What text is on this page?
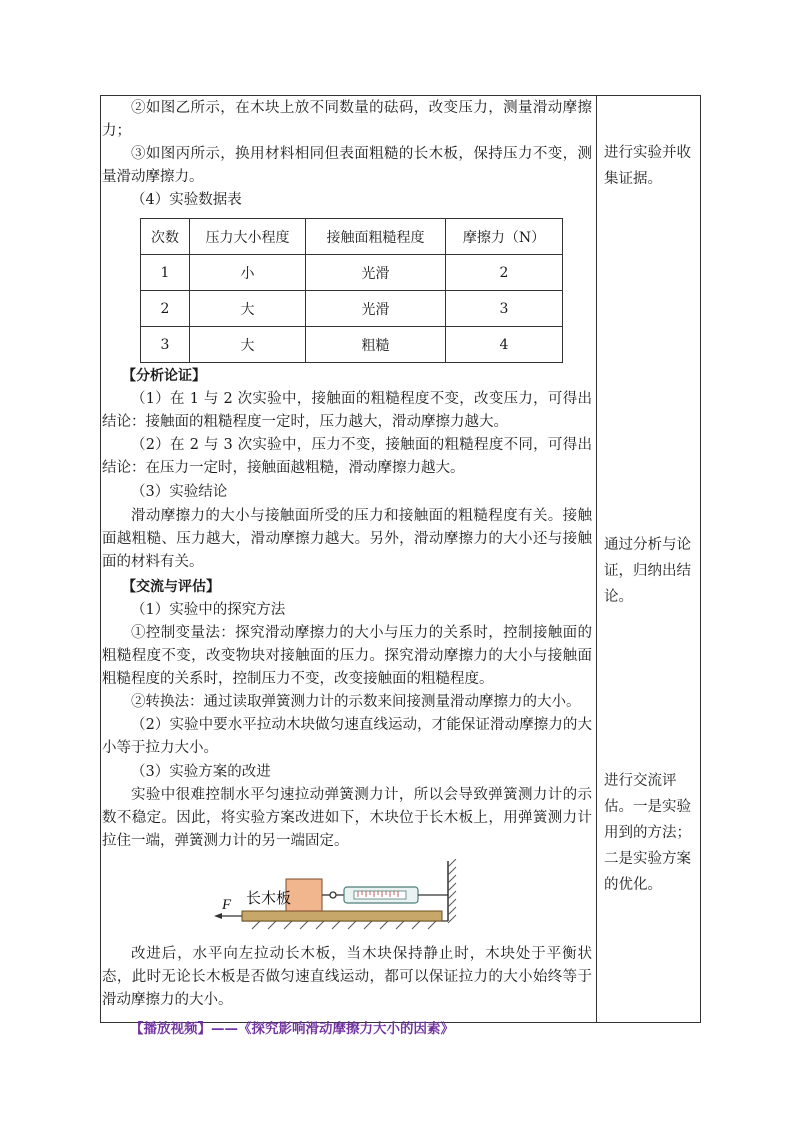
②如图乙所示，在木块上放不同数量的砝码，改变压力，测量滑动摩擦力；

③如图丙所示，换用材料相同但表面粗糙的长木板，保持压力不变，测量滑动摩擦力。

（4）实验数据表

次数	压力大小程度	接触面粗糙程度	摩擦力（N）
1	小	光滑	2
2	大	光滑	3
3	大	粗糙	4

【分析论证】

（1）在 1 与 2 次实验中，接触面的粗糙程度不变，改变压力，可得出结论：接触面的粗糙程度一定时，压力越大，滑动摩擦力越大。

（2）在 2 与 3 次实验中，压力不变，接触面的粗糙程度不同，可得出结论：在压力一定时，接触面越粗糙，滑动摩擦力越大。

（3）实验结论

滑动摩擦力的大小与接触面所受的压力和接触面的粗糙程度有关。接触面越粗糙、压力越大，滑动摩擦力越大。另外，滑动摩擦力的大小还与接触面的材料有关。

【交流与评估】

（1）实验中的探究方法

①控制变量法：探究滑动摩擦力的大小与压力的关系时，控制接触面的粗糙程度不变，改变物块对接触面的压力。探究滑动摩擦力的大小与接触面粗糙程度的关系时，控制压力不变，改变接触面的粗糙程度。

②转换法：通过读取弹簧测力计的示数来间接测量滑动摩擦力的大小。

（2）实验中要水平拉动木块做匀速直线运动，才能保证滑动摩擦力的大小等于拉力大小。

（3）实验方案的改进

实验中很难控制水平匀速拉动弹簧测力计，所以会导致弹簧测力计的示数不稳定。因此，将实验方案改进如下，木块位于长木板上，用弹簧测力计拉住一端，弹簧测力计的另一端固定。

F 长木板

改进后，水平向左拉动长木板，当木块保持静止时，木块处于平衡状态，此时无论长木板是否做匀速直线运动，都可以保证拉力的大小始终等于滑动摩擦力的大小。

【播放视频】——《探究影响滑动摩擦力大小的因素》

进行实验并收集证据。
通过分析与论证，归纳出结论。
进行交流评估。一是实验用到的方法；二是实验方案的优化。
